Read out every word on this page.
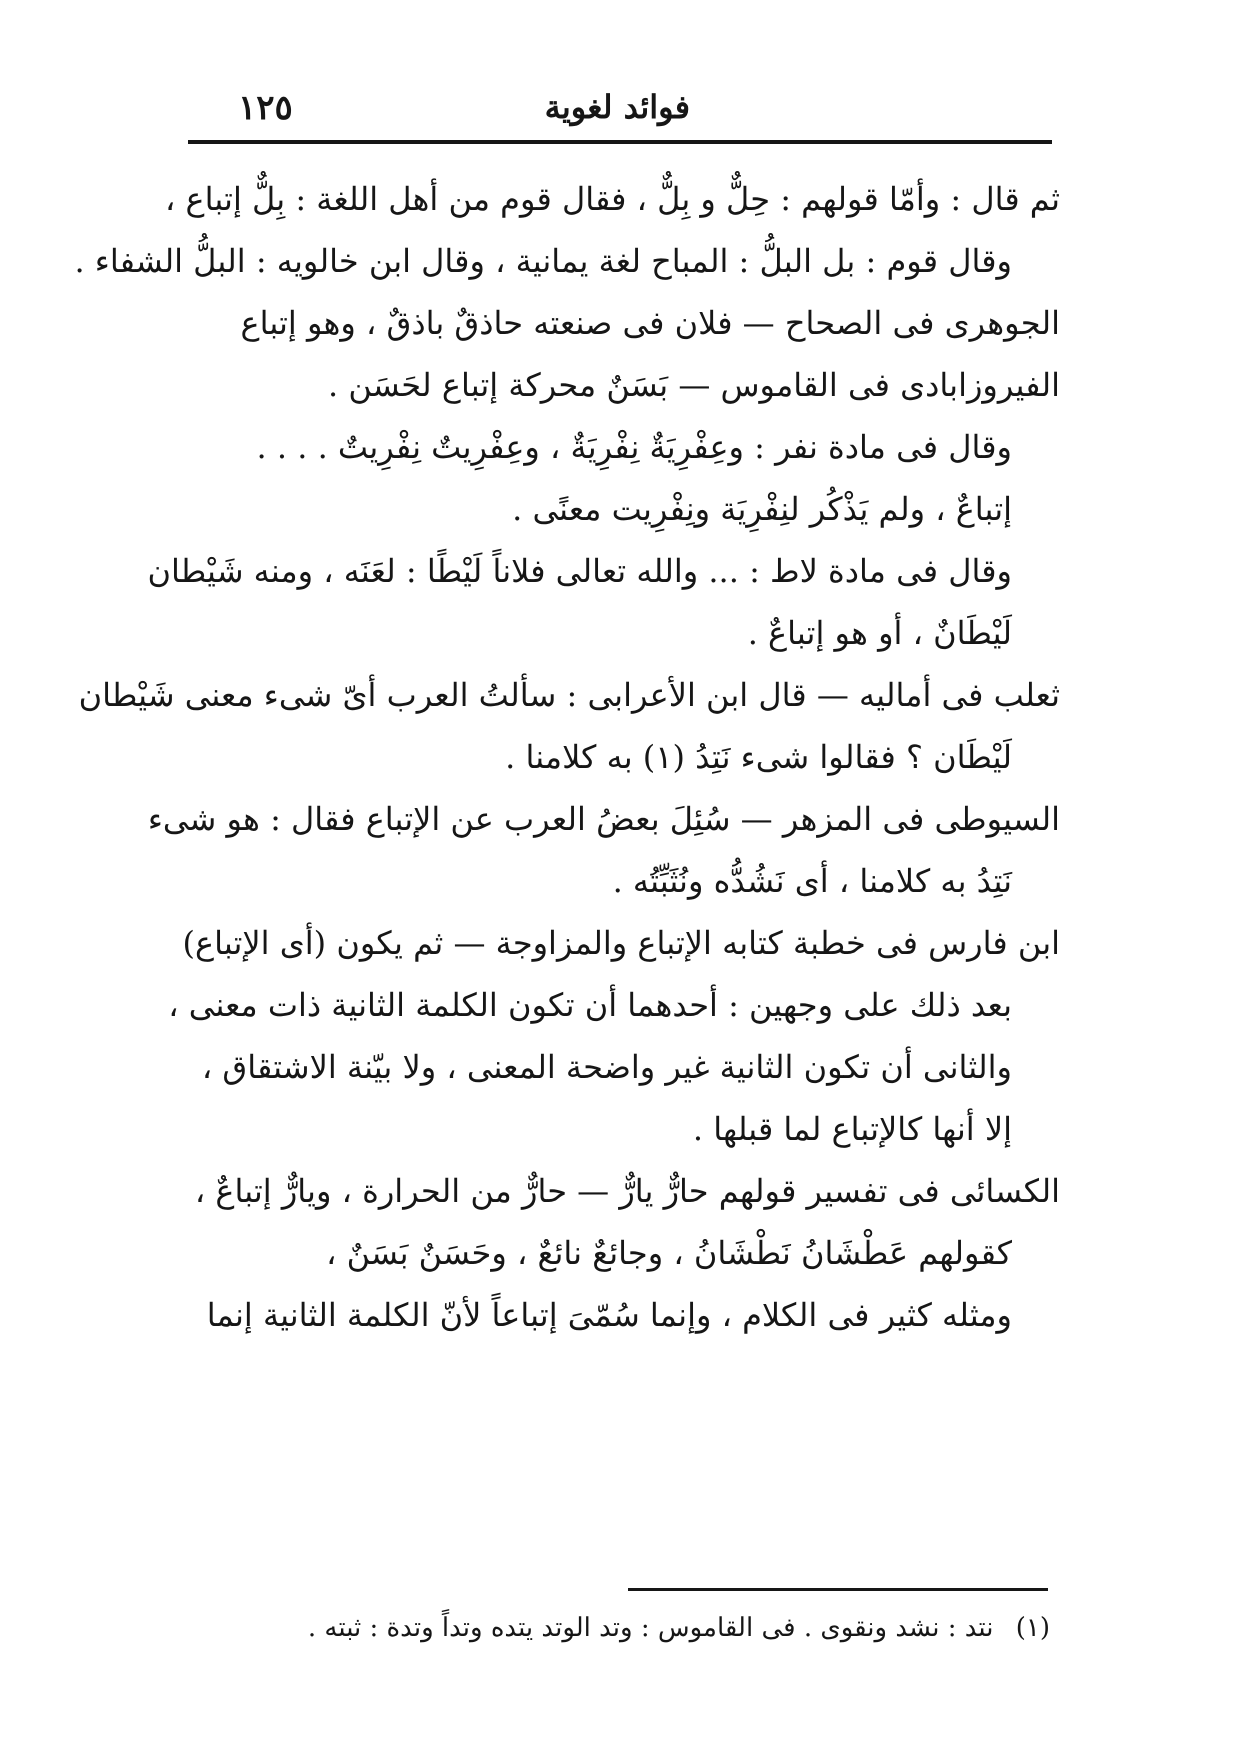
فوائد لغوية
١٢٥
ثم قال : وأمّا قولهم : حِلٌّ و بِلٌّ ، فقال قوم من أهل اللغة : بِلٌّ إتباع ،
وقال قوم : بل البلُّ : المباح لغة يمانية ، وقال ابن خالويه : البلُّ الشفاء .
الجوهرى فى الصحاح — فلان فى صنعته حاذقٌ باذقٌ ، وهو إتباع
الفيروزابادى فى القاموس — بَسَنٌ محركة إتباع لحَسَن .
وقال فى مادة نفر : وعِفْرِيَةٌ نِفْرِيَةٌ ، وعِفْرِيتٌ نِفْرِيتٌ . . . .
إتباعٌ ، ولم يَذْكُر لنِفْرِيَة ونِفْرِيت معنًى .
وقال فى مادة لاط : ... والله تعالى فلاناً لَيْطًا : لعَنَه ، ومنه شَيْطان
لَيْطَانٌ ، أو هو إتباعٌ .
ثعلب فى أماليه — قال ابن الأعرابى : سألتُ العرب أىّ شىء معنى شَيْطان
لَيْطَان ؟ فقالوا شىء نَتِدُ (١) به كلامنا .
السيوطى فى المزهر — سُئِلَ بعضُ العرب عن الإتباع فقال : هو شىء
نَتِدُ به كلامنا ، أى نَشُدُّه ونُثَبِّتُه .
ابن فارس فى خطبة كتابه الإتباع والمزاوجة — ثم يكون (أى الإتباع)
بعد ذلك على وجهين : أحدهما أن تكون الكلمة الثانية ذات معنى ،
والثانى أن تكون الثانية غير واضحة المعنى ، ولا بيّنة الاشتقاق ،
إلا أنها كالإتباع لما قبلها .
الكسائى فى تفسير قولهم حارٌّ يارٌّ — حارٌّ من الحرارة ، ويارٌّ إتباعٌ ،
كقولهم عَطْشَانُ نَطْشَانُ ، وجائعٌ نائعٌ ، وحَسَنٌ بَسَنٌ ،
ومثله كثير فى الكلام ، وإنما سُمّىَ إتباعاً لأنّ الكلمة الثانية إنما
(١) نتد : نشد ونقوى . فى القاموس : وتد الوتد يتده وتداً وتدة : ثبته .
